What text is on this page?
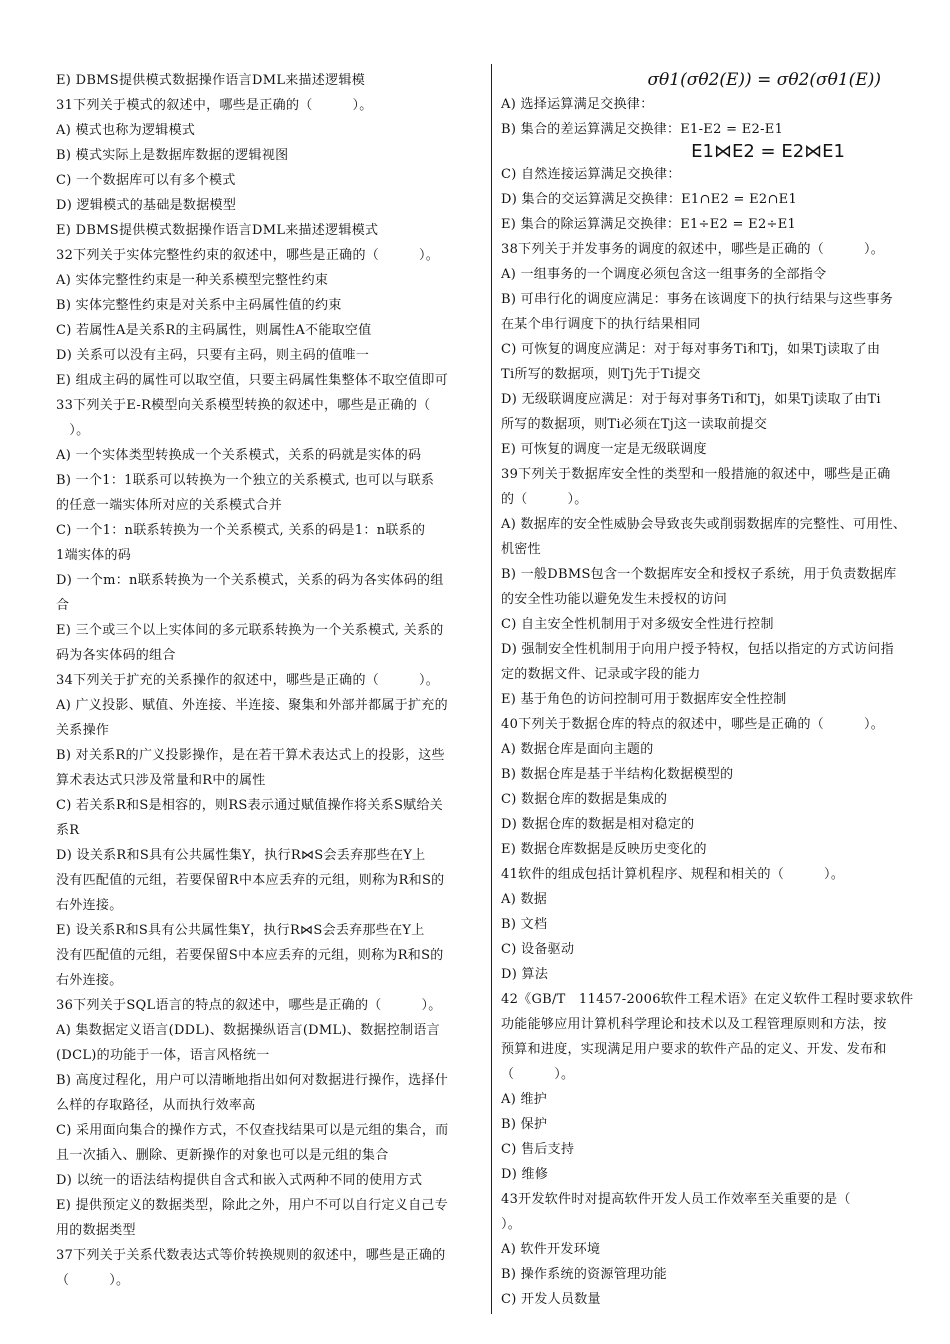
E) DBMS提供模式数据操作语言DML来描述逻辑模
31下列关于模式的叙述中，哪些是正确的（　　　）。
A) 模式也称为逻辑模式
B) 模式实际上是数据库数据的逻辑视图
C) 一个数据库可以有多个模式
D) 逻辑模式的基础是数据模型
E) DBMS提供模式数据操作语言DML来描述逻辑模式
32下列关于实体完整性约束的叙述中，哪些是正确的（　　　）。
A) 实体完整性约束是一种关系模型完整性约束
B) 实体完整性约束是对关系中主码属性值的约束
C) 若属性A是关系R的主码属性，则属性A不能取空值
D) 关系可以没有主码，只要有主码，则主码的值唯一
E) 组成主码的属性可以取空值，只要主码属性集整体不取空值即可
33下列关于E-R模型向关系模型转换的叙述中，哪些是正确的（
　）。
A) 一个实体类型转换成一个关系模式，关系的码就是实体的码
B) 一个1：1联系可以转换为一个独立的关系模式, 也可以与联系
的任意一端实体所对应的关系模式合并
C) 一个1：n联系转换为一个关系模式, 关系的码是1：n联系的
1端实体的码
D) 一个m：n联系转换为一个关系模式，关系的码为各实体码的组
合
E) 三个或三个以上实体间的多元联系转换为一个关系模式, 关系的
码为各实体码的组合
34下列关于扩充的关系操作的叙述中，哪些是正确的（　　　）。
A) 广义投影、赋值、外连接、半连接、聚集和外部并都属于扩充的
关系操作
B) 对关系R的广义投影操作，是在若干算术表达式上的投影，这些
算术表达式只涉及常量和R中的属性
C) 若关系R和S是相容的，则RS表示通过赋值操作将关系S赋给关
系R
D) 设关系R和S具有公共属性集Y，执行R⋈S会丢弃那些在Y上
没有匹配值的元组，若要保留R中本应丢弃的元组，则称为R和S的
右外连接。
E) 设关系R和S具有公共属性集Y，执行R⋈S会丢弃那些在Y上
没有匹配值的元组，若要保留S中本应丢弃的元组，则称为R和S的
右外连接。
36下列关于SQL语言的特点的叙述中，哪些是正确的（　　　）。
A) 集数据定义语言(DDL)、数据操纵语言(DML)、数据控制语言
(DCL)的功能于一体，语言风格统一
B) 高度过程化，用户可以清晰地指出如何对数据进行操作，选择什
么样的存取路径，从而执行效率高
C) 采用面向集合的操作方式，不仅查找结果可以是元组的集合，而
且一次插入、删除、更新操作的对象也可以是元组的集合
D) 以统一的语法结构提供自含式和嵌入式两种不同的使用方式
E) 提供预定义的数据类型，除此之外，用户不可以自行定义自己专
用的数据类型
37下列关于关系代数表达式等价转换规则的叙述中，哪些是正确的
（　　　）。
σθ1(σθ2(E)) = σθ2(σθ1(E))
A) 选择运算满足交换律：
B) 集合的差运算满足交换律：E1-E2 = E2-E1
E1⋈E2 = E2⋈E1
C) 自然连接运算满足交换律：
D) 集合的交运算满足交换律：E1∩E2 = E2∩E1
E) 集合的除运算满足交换律：E1÷E2 = E2÷E1
38下列关于并发事务的调度的叙述中，哪些是正确的（　　　）。
A) 一组事务的一个调度必须包含这一组事务的全部指令
B) 可串行化的调度应满足：事务在该调度下的执行结果与这些事务
在某个串行调度下的执行结果相同
C) 可恢复的调度应满足：对于每对事务Ti和Tj，如果Tj读取了由
Ti所写的数据项，则Tj先于Ti提交
D) 无级联调度应满足：对于每对事务Ti和Tj，如果Tj读取了由Ti
所写的数据项，则Ti必须在Tj这一读取前提交
E) 可恢复的调度一定是无级联调度
39下列关于数据库安全性的类型和一般措施的叙述中，哪些是正确
的（　　　）。
A) 数据库的安全性威胁会导致丧失或削弱数据库的完整性、可用性、
机密性
B) 一般DBMS包含一个数据库安全和授权子系统，用于负责数据库
的安全性功能以避免发生未授权的访问
C) 自主安全性机制用于对多级安全性进行控制
D) 强制安全性机制用于向用户授予特权，包括以指定的方式访问指
定的数据文件、记录或字段的能力
E) 基于角色的访问控制可用于数据库安全性控制
40下列关于数据仓库的特点的叙述中，哪些是正确的（　　　）。
A) 数据仓库是面向主题的
B) 数据仓库是基于半结构化数据模型的
C) 数据仓库的数据是集成的
D) 数据仓库的数据是相对稳定的
E) 数据仓库数据是反映历史变化的
41软件的组成包括计算机程序、规程和相关的（　　　）。
A) 数据
B) 文档
C) 设备驱动
D) 算法
42《GB/T　11457-2006软件工程术语》在定义软件工程时要求软件
功能能够应用计算机科学理论和技术以及工程管理原则和方法，按
预算和进度，实现满足用户要求的软件产品的定义、开发、发布和
（　　　）。
A) 维护
B) 保护
C) 售后支持
D) 维修
43开发软件时对提高软件开发人员工作效率至关重要的是（
）。
A) 软件开发环境
B) 操作系统的资源管理功能
C) 开发人员数量
